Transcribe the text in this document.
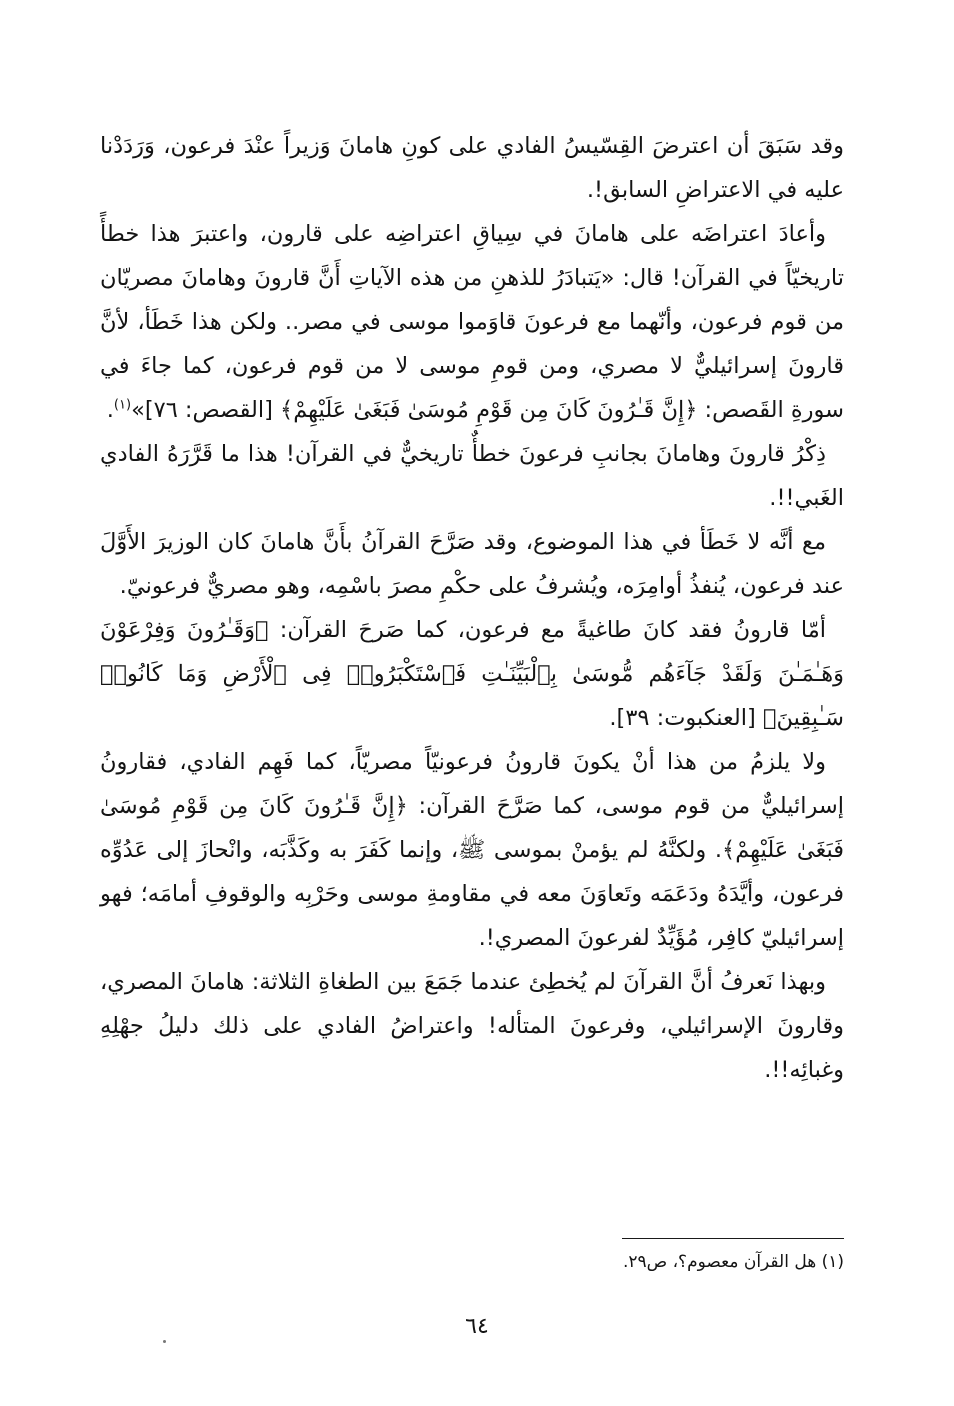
وقد سَبَقَ أن اعترضَ القِسّيسُ الفادي على كونِ هامانَ وَزيراً عنْدَ فرعون، وَرَدَدْنا عليه في الاعتراضِ السابق!.

وأعادَ اعتراضَه على هامانَ في سِياقِ اعتراضِه على قارون، واعتبرَ هذا خطأً تاريخيّاً في القرآن! قال: «يَتبادَرُ للذهنِ من هذه الآياتِ أَنَّ قارونَ وهامانَ مصريّان من قوم فرعون، وأنّهما مع فرعونَ قاوَموا موسى في مصر.. ولكن هذا خَطَأ، لأنَّ قارونَ إسرائيليٌّ لا مصري، ومن قومِ موسى لا من قوم فرعون، كما جاءَ في سورةِ القَصص: ﴿إِنَّ قَـٰرُونَ كَانَ مِن قَوْمِ مُوسَىٰ فَبَغَىٰ عَلَيْهِمْ﴾ [القصص: ٧٦]»$^{(١)}$.

ذِكْرُ قارونَ وهامانَ بجانبِ فرعونَ خطأٌ تاريخيٌّ في القرآن! هذا ما قَرَّرَهُ الفادي الغَبي!!.

مع أنَّه لا خَطَأ في هذا الموضوع، وقد صَرَّحَ القرآنُ بأَنَّ هامانَ كان الوزيرَ الأَوَّلَ عند فرعون، يُنفذُ أوامِرَه، ويُشرفُ على حكْمِ مصرَ باسْمِه، وهو مصريٌّ فرعونيّ.

أمّا قارونُ فقد كانَ طاغيةً مع فرعون، كما صَرحَ القرآن: ﴿وَقَـٰرُونَ وَفِرْعَوْنَ وَهَـٰمَـٰنَ وَلَقَدْ جَآءَهُم مُّوسَىٰ بِٱلْبَيِّنَـٰتِ فَٱسْتَكْبَرُوا۟ فِى ٱلْأَرْضِ وَمَا كَانُوا۟ سَـٰبِقِينَ﴾ [العنكبوت: ٣٩].

ولا يلزمُ من هذا أنْ يكونَ قارونُ فرعونيّاً مصريّاً، كما فَهِم الفادي، فقارونُ إسرائيليٌّ من قوم موسى، كما صَرَّحَ القرآن: ﴿إِنَّ قَـٰرُونَ كَانَ مِن قَوْمِ مُوسَىٰ فَبَغَىٰ عَلَيْهِمْ﴾. ولكنَّهُ لم يؤمنْ بموسى ﷺ، وإنما كَفَرَ به وكَذَّبَه، وانْحازَ إلى عَدُوِّه فرعون، وأيَّدَهُ ودَعَمَه وتَعاوَنَ معه في مقاومةِ موسى وحَرْبِه والوقوفِ أمامَه؛ فهو إسرائيليّ كافِر، مُؤَيِّدٌ لفرعونَ المصري!.

وبهذا نَعرفُ أنَّ القرآنَ لم يُخطِئ عندما جَمَعَ بين الطغاةِ الثلاثة: هامانَ المصري، وقارونَ الإسرائيلي، وفرعونَ المتأله! واعتراضُ الفادي على ذلك دليلُ جهْلِهِ وغبائِه!!.

(١) هل القرآن معصوم؟، ص٢٩.
٦٤
